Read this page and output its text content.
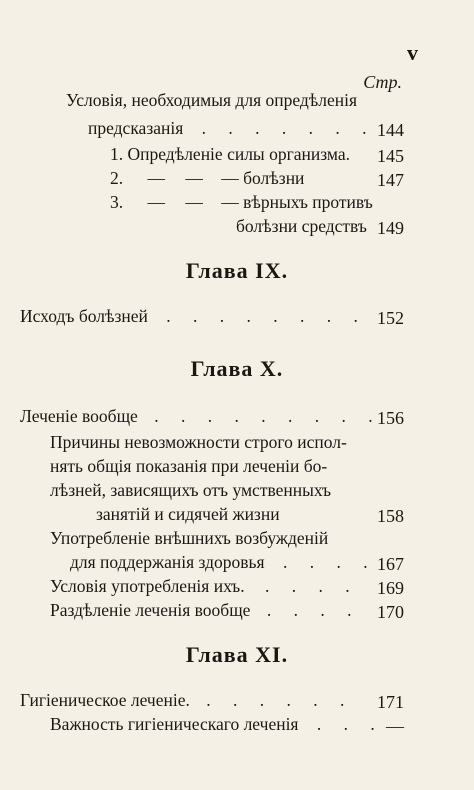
v
Стр.
Условія, необходимыя для опредѣленія
предсказанія . . . . . . . 144
1. Опредѣленіе силы организма. 145
2. — — — болѣзни	147
3. — — — вѣрныхъ противъ
болѣзни средствъ 149
Глава IX.
Исходъ болѣзней . . . . . . . . 152
Глава X.
Леченіе вообще . . . . . . . . .
156
Причины невозможности строго испол-
нять общія показанія при леченіи бо-
лѣзней, зависящихъ отъ умственныхъ
занятій и сидячей жизни	158
Употребленіе внѣшнихъ возбужденій
для поддержанія здоровья . . . . 167
Условія употребленія ихъ. . . . . 169
Раздѣленіе леченія вообще . . . . 170
Глава XI.
Гигіеническое леченіе. . . . . . . 171
Важность гигіеническаго леченія . . . —
